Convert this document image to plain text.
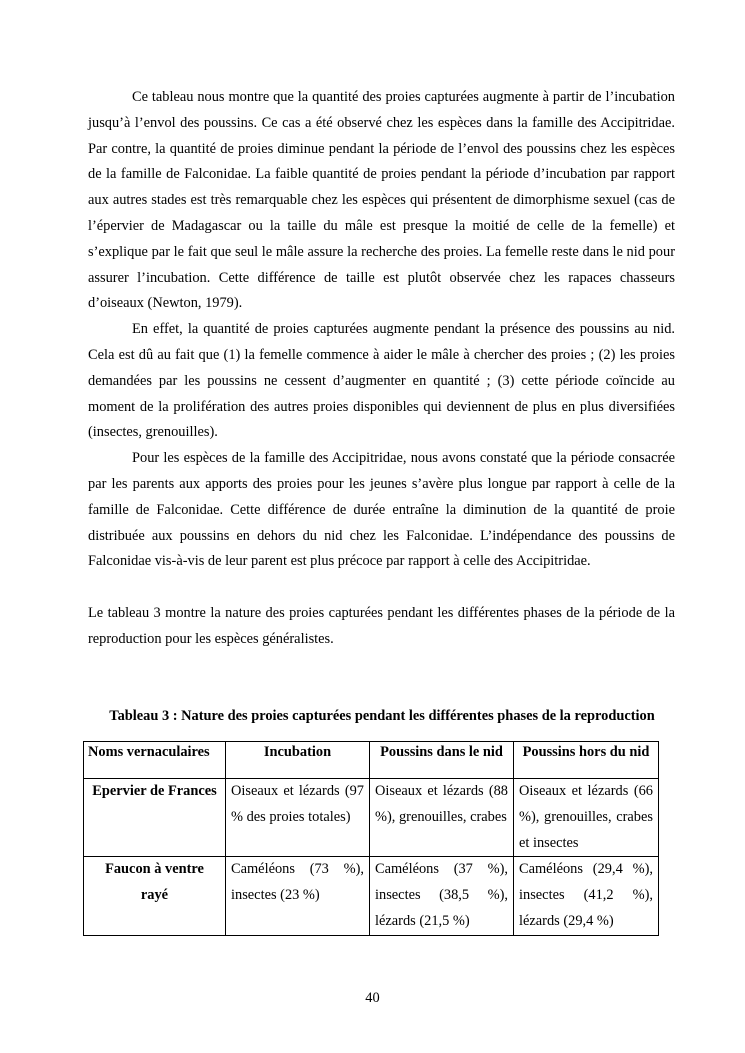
Ce tableau nous montre que la quantité des proies capturées augmente à partir de l’incubation jusqu’à l’envol des poussins. Ce cas a été observé chez les espèces dans la famille des Accipitridae. Par contre, la quantité de proies diminue pendant la période de l’envol des poussins chez les espèces de la famille de Falconidae. La faible quantité de proies pendant la période d’incubation par rapport aux autres stades est très remarquable chez les espèces qui présentent de dimorphisme sexuel (cas de l’épervier de Madagascar ou la taille du mâle est presque la moitié de celle de la femelle) et s’explique par le fait que seul le mâle assure la recherche des proies. La femelle reste dans le nid pour assurer l’incubation. Cette différence de taille est plutôt observée chez les rapaces chasseurs d’oiseaux (Newton, 1979).

En effet, la quantité de proies capturées augmente pendant la présence des poussins au nid. Cela est dû au fait que (1) la femelle commence à aider le mâle à chercher des proies ; (2) les proies demandées par les poussins ne cessent d’augmenter en quantité ; (3) cette période coïncide au moment de la prolifération des autres proies disponibles qui deviennent de plus en plus diversifiées (insectes, grenouilles).

Pour les espèces de la famille des Accipitridae, nous avons constaté que la période consacrée par les parents aux apports des proies pour les jeunes s’avère plus longue par rapport à celle de la famille de Falconidae. Cette différence de durée entraîne la diminution de la quantité de proie distribuée aux poussins en dehors du nid chez les Falconidae. L’indépendance des poussins de Falconidae vis-à-vis de leur parent est plus précoce par rapport à celle des Accipitridae.

Le tableau 3 montre la nature des proies capturées pendant les différentes phases de la période de la reproduction pour les espèces généralistes.

Tableau 3 : Nature des proies capturées pendant les différentes phases de la reproduction
Noms vernaculaires	Incubation	Poussins dans le nid	Poussins hors du nid
Epervier de Frances	Oiseaux et lézards (97 % des proies totales)	Oiseaux et lézards (88 %), grenouilles, crabes	Oiseaux et lézards (66 %), grenouilles, crabes et insectes
Faucon à ventre rayé	Caméléons (73 %), insectes (23 %)	Caméléons (37 %), insectes (38,5 %), lézards (21,5 %)	Caméléons (29,4 %), insectes (41,2 %), lézards (29,4 %)
40
